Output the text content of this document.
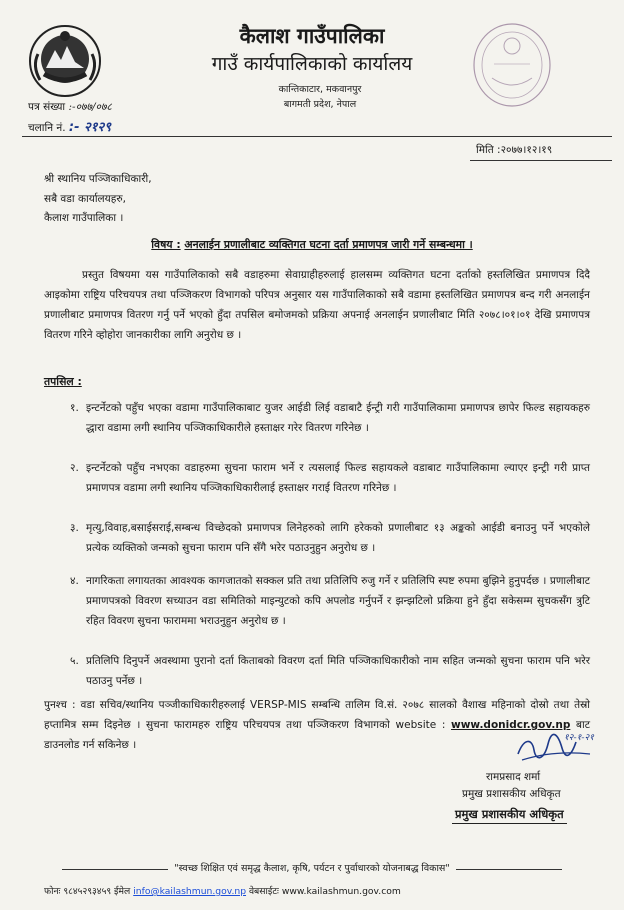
कैलाश गाउँपालिका
गाउँ कार्यपालिकाको कार्यालय
कान्तिकाटार, मकवानपुर
बागमती प्रदेश, नेपाल
पत्र संख्या :-०७७/०७८
चलानि नं. :- २१२९
मिति :२०७७।१२।१९
श्री स्थानिय पञ्जिकाधिकारी,
सबै वडा कार्यालयहरु,
कैलाश गाउँपालिका ।
विषय : अनलाईन प्रणालीबाट व्यक्तिगत घटना दर्ता प्रमाणपत्र जारी गर्ने सम्बन्धमा ।
प्रस्तुत विषयमा यस गाउँपालिकाको सबै वडाहरुमा सेवाग्राहीहरुलाई हालसम्म व्यक्तिगत घटना दर्ताको हस्तलिखित प्रमाणपत्र दिदै आइकोमा राष्ट्रिय परिचयपत्र तथा पञ्जिकरण विभागको परिपत्र अनुसार यस गाउँपालिकाको सबै वडामा हस्तलिखित प्रमाणपत्र बन्द गरी अनलाईन प्रणालीबाट प्रमाणपत्र वितरण गर्नु पर्ने भएको हुँदा तपसिल बमोजमको प्रक्रिया अपनाई अनलाईन प्रणालीबाट मिति २०७८।०१।०१ देखि प्रमाणपत्र वितरण गरिने व्होहोरा जानकारीका लागि अनुरोध छ ।
तपसिल :
१. इन्टर्नेटको पहुँच भएका वडामा गाउँपालिकाबाट युजर आईडी लिई वडाबाटै ईन्ट्री गरी गाउँपालिकामा प्रमाणपत्र छापेर फिल्ड सहायकहरु द्धारा वडामा लगी स्थानिय पञ्जिकाधिकारीले हस्ताक्षर गरेर वितरण गरिनेछ ।
२. इन्टर्नेटको पहुँच नभएका वडाहरुमा सुचना फाराम भर्ने र त्यसलाई फिल्ड सहायकले वडाबाट गाउँपालिकामा ल्याएर इन्ट्री गरी प्राप्त प्रमाणपत्र वडामा लगी स्थानिय पञ्जिकाधिकारीलाई हस्ताक्षर गराई वितरण गरिनेछ ।
३. मृत्यु,विवाह,बसाईसराई,सम्बन्ध विच्छेदको प्रमाणपत्र लिनेहरुको लागि हरेकको प्रणालीबाट १३ अङ्कको आईडी बनाउनु पर्ने भएकोले प्रत्येक व्यक्तिको जन्मको सुचना फाराम पनि सँगै भरेर पठाउनुहुन अनुरोध छ ।
४. नागरिकता लगायतका आवश्यक कागजातको सक्कल प्रति तथा प्रतिलिपि रुजु गर्ने र प्रतिलिपि स्पष्ट रुपमा बुझिने हुनुपर्दछ । प्रणालीबाट प्रमाणपत्रको विवरण सच्याउन वडा समितिको माइन्युटको कपि अपलोड गर्नुपर्ने र झन्झटिलो प्रक्रिया हुने हुँदा सकेसम्म सुचकसँग त्रुटि रहित विवरण सुचना फाराममा भराउनुहुन अनुरोध छ ।
५. प्रतिलिपि दिनुपर्ने अवस्थामा पुरानो दर्ता किताबको विवरण दर्ता मिति पञ्जिकाधिकारीको नाम सहित जन्मको सुचना फाराम पनि भरेर पठाउनु पर्नेछ ।
पुनश्च : वडा सचिव/स्थानिय पञ्जीकाधिकारीहरुलाई VERSP-MIS सम्बन्धि तालिम वि.सं. २०७८ सालको वैशाख महिनाको दोस्रो तथा तेस्रो हप्तामित्र सम्म दिइनेछ । सुचना फारामहरु राष्ट्रिय परिचयपत्र तथा पञ्जिकरण विभागको website : www.donidcr.gov.np बाट डाउनलोड गर्न सकिनेछ ।
१२-१-२१
रामप्रसाद शर्मा
प्रमुख प्रशासकीय अधिकृत
प्रमुख प्रशासकीय अधिकृत
"स्वच्छ शिक्षित एवं समृद्ध कैलाश, कृषि, पर्यटन र पुर्वाधारको योजनाबद्ध विकास"
फोनः ९८४५२९३४५९ ईमेल info@kailashmun.gov.np वेबसाईटः www.kailashmun.gov.com
